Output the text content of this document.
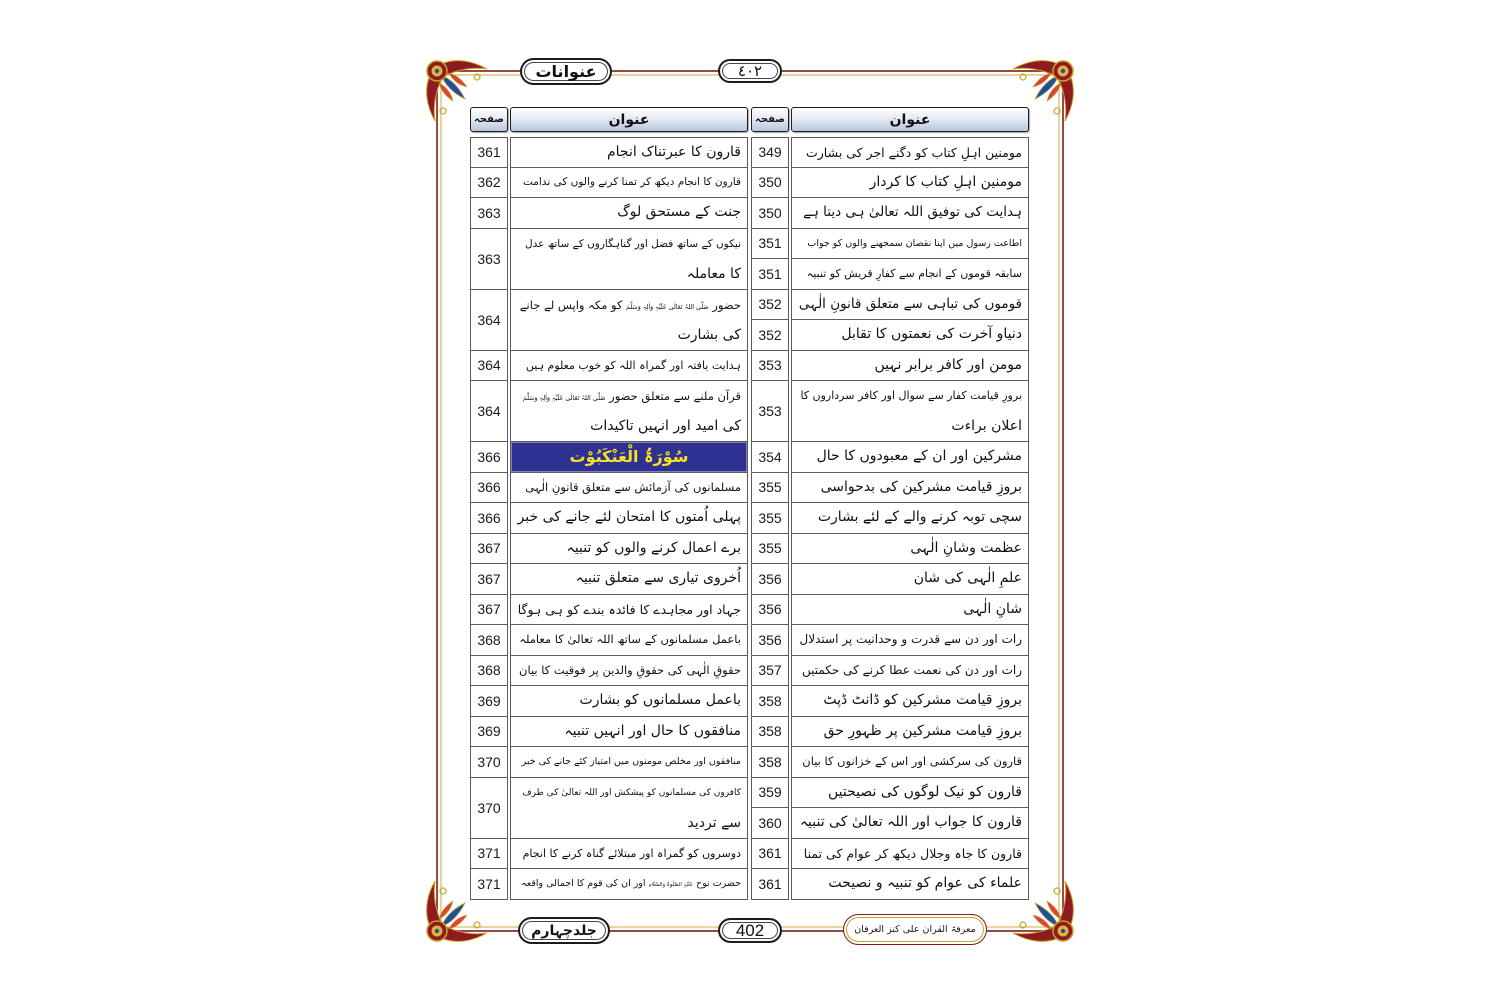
عنوانات	٤٠٢
عنوان
صفحہ
مومنین اہلِ کتاب کو دگنے اجر کی بشارت
349
مومنین اہلِ کتاب کا کردار
350
ہدایت کی توفیق اللہ تعالیٰ ہی دیتا ہے
350
اطاعت رسول میں اپنا نقصان سمجھنے والوں کو جواب
351
سابقہ قوموں کے انجام سے کفارِ قریش کو تنبیہ
351
قوموں کی تباہی سے متعلق قانونِ الٰہی
352
دنیاو آخرت کی نعمتوں کا تقابل
352
مومن اور کافر برابر نہیں
353
بروزِ قیامت کفار سے سوال اور کافر سرداروں کا
اعلان براءت
353
مشرکین اور ان کے معبودوں کا حال
354
بروزِ قیامت مشرکین کی بدحواسی
355
سچی توبہ کرنے والے کے لئے بشارت
355
عظمت وشانِ الٰہی
355
علمِ الٰہی کی شان
356
شانِ الٰہی
356
رات اور دن سے قدرت و وحدانیت پر استدلال
356
رات اور دن کی نعمت عطا کرنے کی حکمتیں
357
بروزِ قیامت مشرکین کو ڈانٹ ڈپٹ
358
بروزِ قیامت مشرکین پر ظہورِ حق
358
قارون کی سرکشی اور اس کے خزانوں کا بیان
358
قارون کو نیک لوگوں کی نصیحتیں
359
قارون کا جواب اور اللہ تعالیٰ کی تنبیہ
360
قارون کا جاہ وجلال دیکھ کر عوام کی تمنا
361
علماء کی عوام کو تنبیہ و نصیحت
361
عنوان
صفحہ
قارون کا عبرتناک انجام
361
قارون کا انجام دیکھ کر تمنا کرنے والوں کی ندامت
362
جنت کے مستحق لوگ
363
نیکوں کے ساتھ فضل اور گناہگاروں کے ساتھ عدل
کا معاملہ
363
حضور صَلَّی اللہُ تَعَالٰی عَلَیْہِ وَاٰلِہٖ وَسَلَّمَ کو مکہ واپس لے جانے
کی بشارت
364
ہدایت یافتہ اور گمراہ اللہ کو خوب معلوم ہیں
364
قرآن ملنے سے متعلق حضور صَلَّی اللہُ تَعَالٰی عَلَیْہِ وَاٰلِہٖ وَسَلَّمَ
کی امید اور انہیں تاکیدات
364
سُوْرَۃُ الْعَنْکَبُوْت
366
مسلمانوں کی آزمائش سے متعلق قانونِ الٰہی
366
پہلی اُمتوں کا امتحان لئے جانے کی خبر
366
برے اعمال کرنے والوں کو تنبیہ
367
اُخروی تیاری سے متعلق تنبیہ
367
جہاد اور مجاہدے کا فائدہ بندے کو ہی ہوگا
367
باعمل مسلمانوں کے ساتھ اللہ تعالیٰ کا معاملہ
368
حقوقِ الٰہی کی حقوقِ والدین پر فوقیت کا بیان
368
باعمل مسلمانوں کو بشارت
369
منافقوں کا حال اور انہیں تنبیہ
369
منافقوں اور مخلص مومنوں میں امتیاز کئے جانے کی خبر
370
کافروں کی مسلمانوں کو پیشکش اور اللہ تعالیٰ کی طرف
سے تردید
370
دوسروں کو گمراہ اور مبتلائے گناہ کرنے کا انجام
371
حضرت نوح عَلَیْہِ الصَّلٰوۃُ وَالسَّلَام اور ان کی قوم کا اجمالی واقعہ
371
جلدچہارم	402	معرفۃ القرآن علی کنز العرفان
